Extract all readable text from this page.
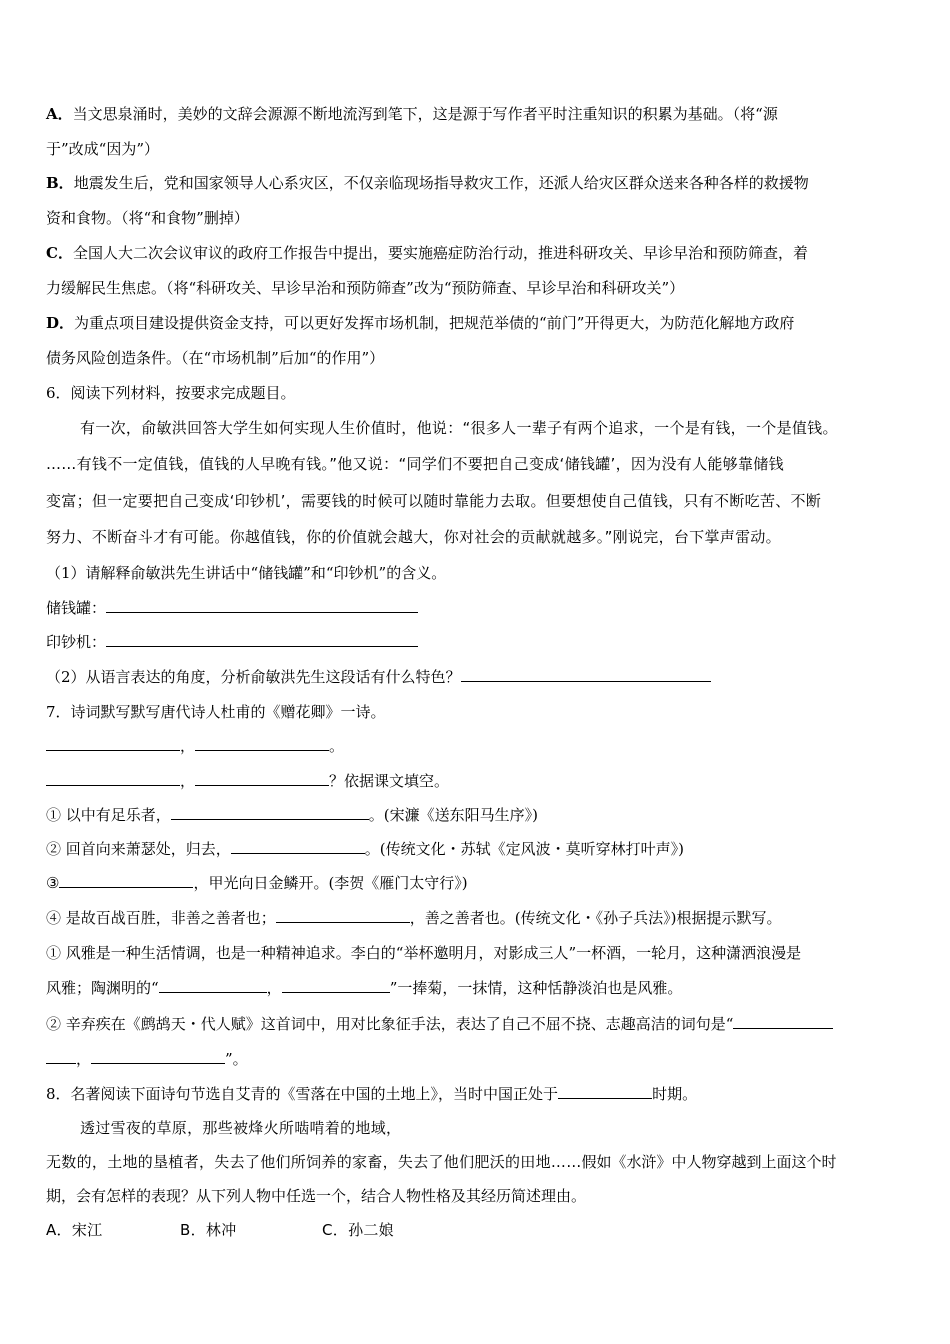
A．当文思泉涌时，美妙的文辞会源源不断地流泻到笔下，这是源于写作者平时注重知识的积累为基础。（将“源
于”改成“因为”）
B．地震发生后，党和国家领导人心系灾区，不仅亲临现场指导救灾工作，还派人给灾区群众送来各种各样的救援物
资和食物。（将“和食物”删掉）
C．全国人大二次会议审议的政府工作报告中提出，要实施癌症防治行动，推进科研攻关、早诊早治和预防筛查，着
力缓解民生焦虑。（将“科研攻关、早诊早治和预防筛查”改为“预防筛查、早诊早治和科研攻关”）
D．为重点项目建设提供资金支持，可以更好发挥市场机制，把规范举债的“前门”开得更大，为防范化解地方政府
债务风险创造条件。（在“市场机制”后加“的作用”）
6．阅读下列材料，按要求完成题目。
有一次，俞敏洪回答大学生如何实现人生价值时，他说：“很多人一辈子有两个追求，一个是有钱，一个是值钱。
……有钱不一定值钱，值钱的人早晚有钱。”他又说：“同学们不要把自己变成‘储钱罐’，因为没有人能够靠储钱
变富；但一定要把自己变成‘印钞机’，需要钱的时候可以随时靠能力去取。但要想使自己值钱，只有不断吃苦、不断
努力、不断奋斗才有可能。你越值钱，你的价值就会越大，你对社会的贡献就越多。”刚说完，台下掌声雷动。
（1）请解释俞敏洪先生讲话中“储钱罐”和“印钞机”的含义。
储钱罐：
印钞机：
（2）从语言表达的角度，分析俞敏洪先生这段话有什么特色？
7．诗词默写默写唐代诗人杜甫的《赠花卿》一诗。
，	。
，	？依据课文填空。
① 以中有足乐者，	。(宋濂《送东阳马生序》)
② 回首向来萧瑟处，归去，	。(传统文化・苏轼《定风波・莫听穿林打叶声》)
③	，甲光向日金鳞开。(李贺《雁门太守行》)
④ 是故百战百胜，非善之善者也；	，善之善者也。(传统文化・《孙子兵法》)根据提示默写。
① 风雅是一种生活情调，也是一种精神追求。李白的“举杯邀明月，对影成三人”一杯酒，一轮月，这种潇洒浪漫是
风雅；陶渊明的“	，	”一捧菊，一抹情，这种恬静淡泊也是风雅。
② 辛弃疾在《鹧鸪天・代人赋》这首词中，用对比象征手法，表达了自己不屈不挠、志趣高洁的词句是“
，	”。
8．名著阅读下面诗句节选自艾青的《雪落在中国的土地上》，当时中国正处于	时期。
透过雪夜的草原，那些被烽火所啮啃着的地域，
无数的，土地的垦植者，失去了他们所饲养的家畜，失去了他们肥沃的田地……假如《水浒》中人物穿越到上面这个时
期，会有怎样的表现？从下列人物中任选一个，结合人物性格及其经历简述理由。
A．宋江	B．林冲	C．孙二娘
